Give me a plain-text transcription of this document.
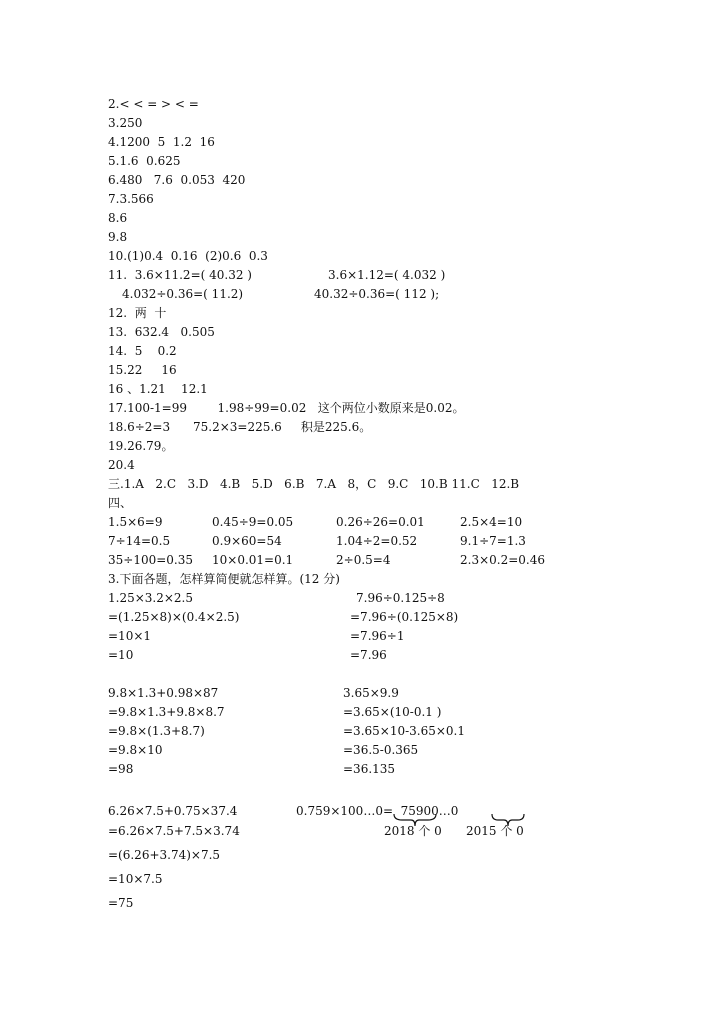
2.< < = > < =
3.250
4.1200  5  1.2  16
5.1.6  0.625
6.480   7.6  0.053  420
7.3.566
8.6
9.8
10.(1)0.4  0.16  (2)0.6  0.3
11.  3.6×11.2=( 40.32 )	3.6×1.12=( 4.032 )
4.032÷0.36=( 11.2)	40.32÷0.36=( 112 );
12.  两  十
13.  632.4   0.505
14.  5    0.2
15.22     16
16 、1.21    12.1
17.100-1=99        1.98÷99=0.02   这个两位小数原来是0.02。
18.6÷2=3      75.2×3=225.6     积是225.6。
19.26.79。
20.4
三.1.A   2.C   3.D   4.B   5.D   6.B   7.A   8，C   9.C   10.B 11.C   12.B
四、
1.5×6=9	0.45÷9=0.05	0.26÷26=0.01	2.5×4=10
7÷14=0.5	0.9×60=54	1.04÷2=0.52	9.1÷7=1.3
35÷100=0.35 10×0.01=0.1	2÷0.5=4	2.3×0.2=0.46
3.下面各题，怎样算简便就怎样算。(12 分)
1.25×3.2×2.5
=(1.25×8)×(0.4×2.5)
=10×1
=10
7.96÷0.125÷8
=7.96÷(0.125×8)
=7.96÷1
=7.96
9.8×1.3+0.98×87
=9.8×1.3+9.8×8.7
=9.8×(1.3+8.7)
=9.8×10
=98
3.65×9.9
=3.65×(10-0.1 )
=3.65×10-3.65×0.1
=36.5-0.365
=36.135
6.26×7.5+0.75×37.4
=6.26×7.5+7.5×3.74
=(6.26+3.74)×7.5
=10×7.5
=75
0.759×100…0=  75900…0
2018 个 0 2015 个 0
